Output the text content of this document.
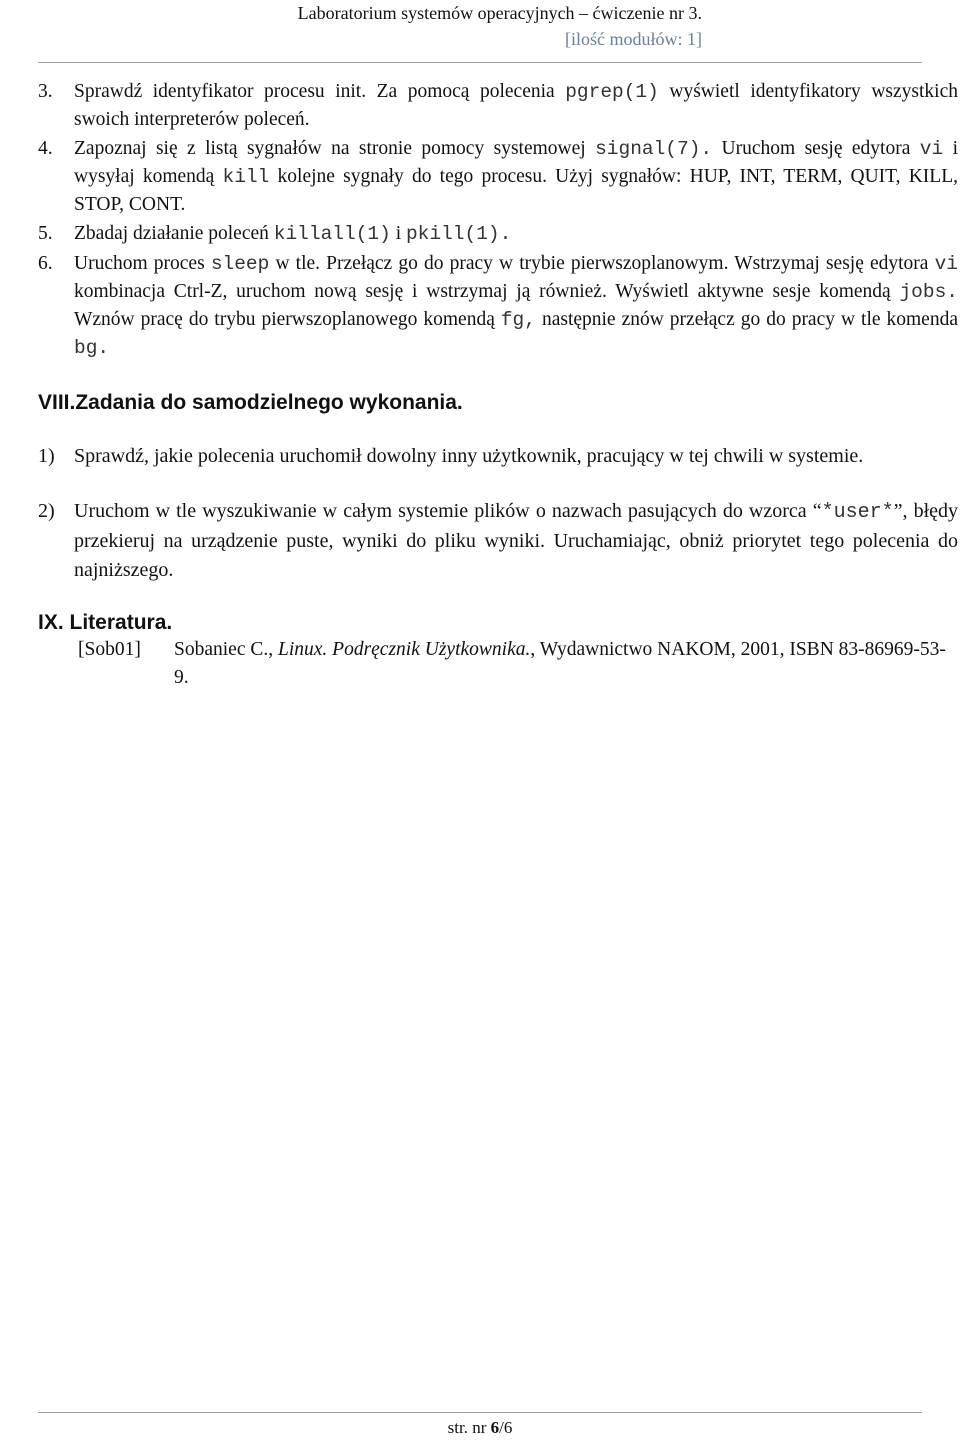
Laboratorium systemów operacyjnych – ćwiczenie nr 3.
[ilość modułów: 1]
3. Sprawdź identyfikator procesu init. Za pomocą polecenia pgrep(1) wyświetl identyfikatory wszystkich swoich interpreterów poleceń.
4. Zapoznaj się z listą sygnałów na stronie pomocy systemowej signal(7). Uruchom sesję edytora vi i wysyłaj komendą kill kolejne sygnały do tego procesu. Użyj sygnałów: HUP, INT, TERM, QUIT, KILL, STOP, CONT.
5. Zbadaj działanie poleceń killall(1) i pkill(1).
6. Uruchom proces sleep w tle. Przełącz go do pracy w trybie pierwszoplanowym. Wstrzymaj sesję edytora vi kombinacja Ctrl-Z, uruchom nową sesję i wstrzymaj ją również. Wyświetl aktywne sesje komendą jobs. Wznów pracę do trybu pierwszoplanowego komendą fg, następnie znów przełącz go do pracy w tle komenda bg.
VIII.Zadania do samodzielnego wykonania.
1) Sprawdź, jakie polecenia uruchomił dowolny inny użytkownik, pracujący w tej chwili w systemie.
2) Uruchom w tle wyszukiwanie w całym systemie plików o nazwach pasujących do wzorca “*user*”, błędy przekieruj na urządzenie puste, wyniki do pliku wyniki. Uruchamiając, obniż priorytet tego polecenia do najniższego.
IX. Literatura.
[Sob01] Sobaniec C., Linux. Podręcznik Użytkownika., Wydawnictwo NAKOM, 2001, ISBN 83-86969-53-9.
str. nr 6/6
